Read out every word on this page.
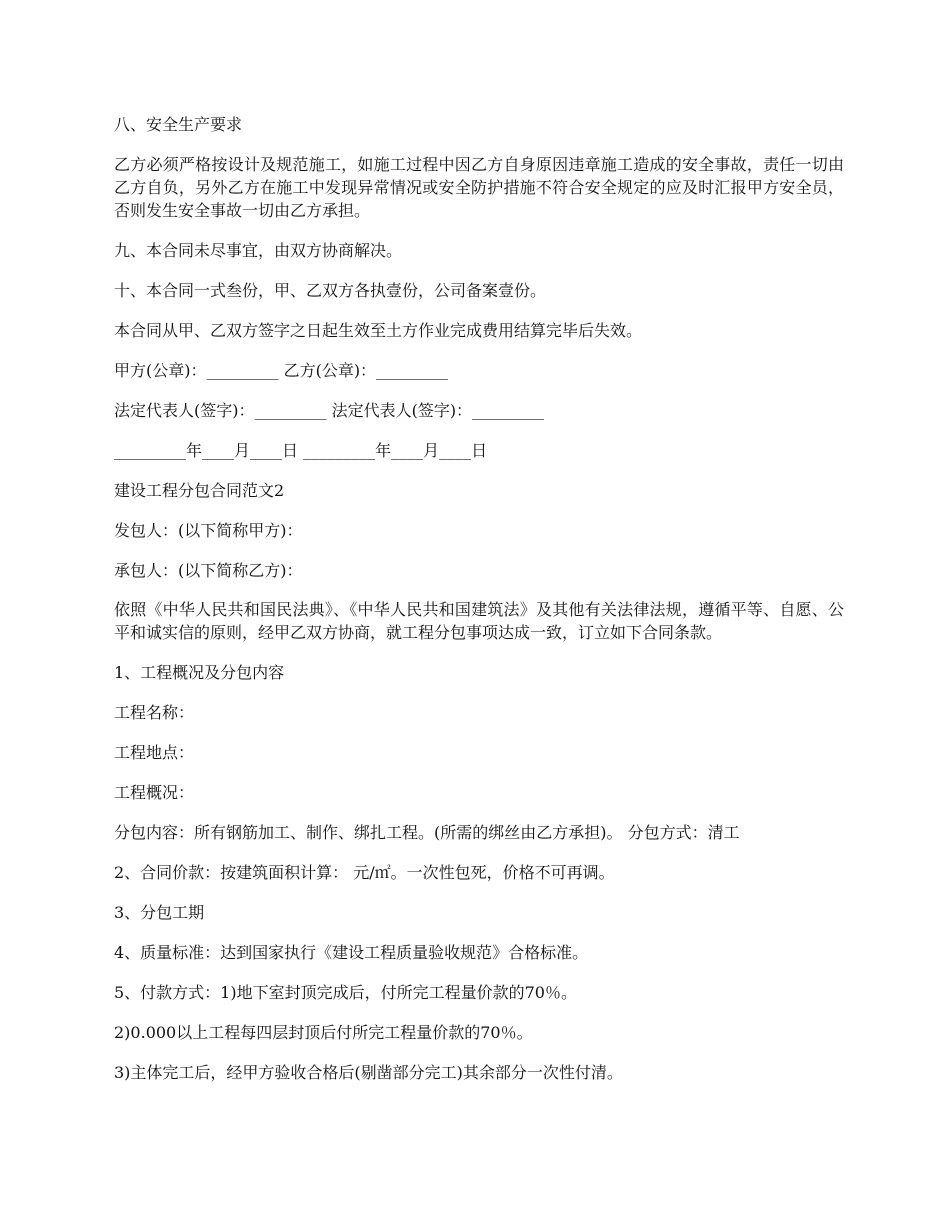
八、安全生产要求

乙方必须严格按设计及规范施工，如施工过程中因乙方自身原因违章施工造成的安全事故，责任一切由乙方自负，另外乙方在施工中发现异常情况或安全防护措施不符合安全规定的应及时汇报甲方安全员，否则发生安全事故一切由乙方承担。

九、本合同未尽事宜，由双方协商解决。

十、本合同一式叁份，甲、乙双方各执壹份，公司备案壹份。

本合同从甲、乙双方签字之日起生效至土方作业完成费用结算完毕后失效。

甲方(公章)：_________ 乙方(公章)：_________

法定代表人(签字)：_________ 法定代表人(签字)：_________

_________年____月____日 _________年____月____日

建设工程分包合同范文2

发包人：(以下简称甲方)：

承包人：(以下简称乙方)：

依照《中华人民共和国民法典》、《中华人民共和国建筑法》及其他有关法律法规，遵循平等、自愿、公平和诚实信的原则，经甲乙双方协商，就工程分包事项达成一致，订立如下合同条款。

1、工程概况及分包内容

工程名称：

工程地点：

工程概况：

分包内容：所有钢筋加工、制作、绑扎工程。(所需的绑丝由乙方承担)。 分包方式：清工

2、合同价款：按建筑面积计算： 元/㎡。一次性包死，价格不可再调。

3、分包工期

4、质量标准：达到国家执行《建设工程质量验收规范》合格标准。

5、付款方式：1)地下室封顶完成后，付所完工程量价款的70％。

2)0.000以上工程每四层封顶后付所完工程量价款的70％。

3)主体完工后，经甲方验收合格后(剔凿部分完工)其余部分一次性付清。
